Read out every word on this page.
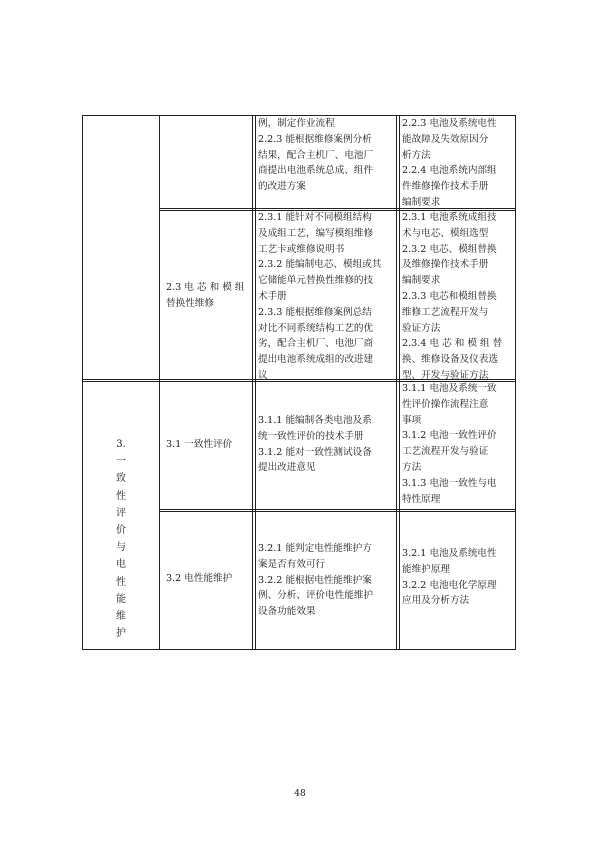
例，制定作业流程
2.2.3 能根据维修案例分析
结果，配合主机厂、电池厂
商提出电池系统总成、组件
的改进方案
2.2.3 电池及系统电性
能故障及失效原因分
析方法
2.2.4 电池系统内部组
件维修操作技术手册
编制要求
2.3 电 芯 和 模 组
替换性维修
2.3.1 能针对不同模组结构
及成组工艺，编写模组维修
工艺卡或维修说明书
2.3.2 能编制电芯、模组或其
它储能单元替换性维修的技
术手册
2.3.3 能根据维修案例总结
对比不同系统结构工艺的优
劣，配合主机厂、电池厂商
提出电池系统成组的改进建
议
2.3.1 电池系统成组技
术与电芯、模组选型
2.3.2 电芯、模组替换
及维修操作技术手册
编制要求
2.3.3 电芯和模组替换
维修工艺流程开发与
验证方法
2.3.4 电 芯 和 模 组 替
换、维修设备及仪表选
型、开发与验证方法
3.
一
致
性
评
价
与
电
性
能
维
护
3.1 一致性评价
3.1.1 能编制各类电池及系
统一致性评价的技术手册
3.1.2 能对一致性测试设备
提出改进意见
3.1.1 电池及系统一致
性评价操作流程注意
事项
3.1.2 电池一致性评价
工艺流程开发与验证
方法
3.1.3 电池一致性与电
特性原理
3.2 电性能维护
3.2.1 能判定电性能维护方
案是否有效可行
3.2.2 能根据电性能维护案
例、分析、评价电性能维护
设备功能效果
3.2.1 电池及系统电性
能维护原理
3.2.2 电池电化学原理
应用及分析方法
48
